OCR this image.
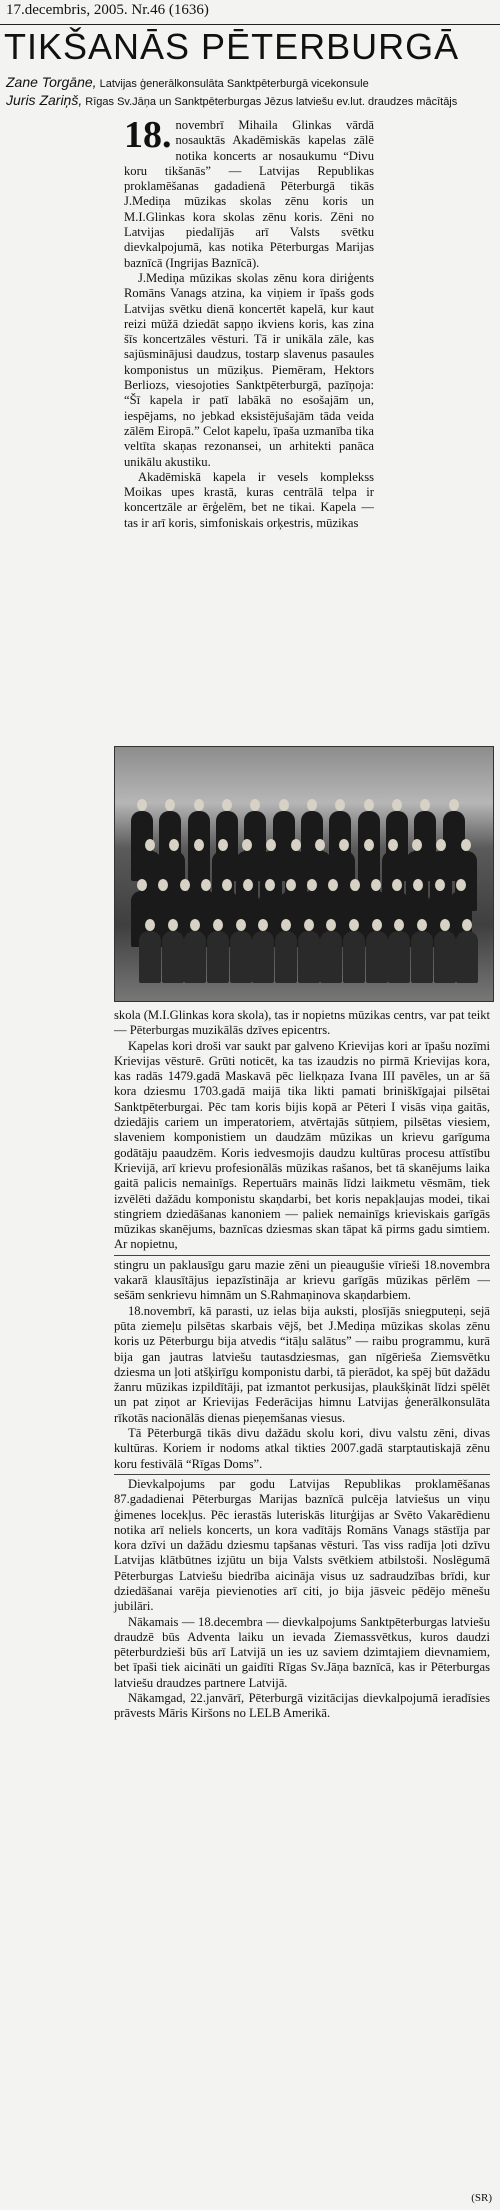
17.decembris, 2005. Nr.46 (1636)
TIKŠANĀS PĒTERBURGĀ
Zane Torgāne, Latvijas ģenerālkonsulāta Sanktpēterburgā vicekonsule
Juris Zariņš, Rīgas Sv.Jāņa un Sanktpēterburgas Jēzus latviešu ev.lut. draudzes mācītājs

18. novembrī Mihaila Glinkas vārdā nosauktās Akadēmiskās kapelas zālē notika koncerts ar nosaukumu “Divu koru tikšanās” — Latvijas Republikas proklamēšanas gadadienā Pēterburgā tikās J.Mediņa mūzikas skolas zēnu koris un M.I.Glinkas kora skolas zēnu koris. Zēni no Latvijas piedalījās arī Valsts svētku dievkalpojumā, kas notika Pēterburgas Marijas baznīcā (Ingrijas Baznīcā).

J.Mediņa mūzikas skolas zēnu kora diriģents Romāns Vanags atzina, ka viņiem ir īpašs gods Latvijas svētku dienā koncertēt kapelā, kur kaut reizi mūžā dziedāt sapņo ikviens koris, kas zina šīs koncertzāles vēsturi. Tā ir unikāla zāle, kas sajūsminājusi daudzus, tostarp slavenus pasaules komponistus un mūziķus. Piemēram, Hektors Berliozs, viesojoties Sanktpēterburgā, pazīņoja: “Šī kapela ir patī labākā no esošajām un, iespējams, no jebkad eksistējušajām tāda veida zālēm Eiropā.” Celot kapelu, īpaša uzmanība tika veltīta skaņas rezonansei, un arhitekti panāca unikālu akustiku.

Akadēmiskā kapela ir vesels komplekss Moikas upes krastā, kuras centrālā telpa ir koncertzāle ar ērģelēm, bet ne tikai. Kapela — tas ir arī koris, simfoniskais orķestris, mūzikas

skola (M.I.Glinkas kora skola), tas ir nopietns mūzikas centrs, var pat teikt — Pēterburgas muzikālās dzīves epicentrs.

Kapelas kori droši var saukt par galveno Krievijas kori ar īpašu nozīmi Krievijas vēsturē. Grūti noticēt, ka tas izaudzis no pirmā Krievijas kora, kas radās 1479.gadā Maskavā pēc lielkņaza Ivana III pavēles, un ar šā kora dziesmu 1703.gadā maijā tika likti pamati briniškīgajai pilsētai Sanktpēterburgai. Pēc tam koris bijis kopā ar Pēteri I visās viņa gaitās, dziedājis cariem un imperatoriem, atvērtajās sūtņiem, pilsētas viesiem, slaveniem komponistiem un daudzām mūzikas un krievu garīguma godātāju paaudzēm. Koris iedvesmojis daudzu kultūras procesu attīstību Krievijā, arī krievu profesionālās mūzikas rašanos, bet tā skanējums laika gaitā palicis nemainīgs. Repertuārs mainās līdzi laikmetu vēsmām, tiek izvēlēti dažādu komponistu skaņdarbi, bet koris nepakļaujas modei, tikai stingriem dziedāšanas kanoniem — paliek nemainīgs krieviskais garīgās mūzikas skanējums, baznīcas dziesmas skan tāpat kā pirms gadu simtiem. Ar nopietnu,

stingru un paklausīgu garu mazie zēni un pieaugušie vīrieši 18.novembra vakarā klausītājus iepazīstināja ar krievu garīgās mūzikas pērlēm — sešām senkrievu himnām un S.Rahmaņinova skaņdarbiem.

18.novembrī, kā parasti, uz ielas bija auksti, plosījās sniegputeņi, sejā pūta ziemeļu pilsētas skarbais vējš, bet J.Mediņa mūzikas skolas zēnu koris uz Pēterburgu bija atvedis “itāļu salātus” — raibu programmu, kurā bija gan jautras latviešu tautasdziesmas, gan nīgērieša Ziemsvētku dziesma un ļoti atšķirīgu komponistu darbi, tā pierādot, ka spēj būt dažādu žanru mūzikas izpildītāji, pat izmantot perkusijas, plaukšķināt līdzi spēlēt un pat ziņot ar Krievijas Federācijas himnu Latvijas ģenerālkonsulāta rīkotās nacionālās dienas pieņemšanas viesus.

Tā Pēterburgā tikās divu dažādu skolu kori, divu valstu zēni, divas kultūras. Koriem ir nodoms atkal tikties 2007.gadā starptautiskajā zēnu koru festivālā “Rīgas Doms”.

Dievkalpojums par godu Latvijas Republikas proklamēšanas 87.gadadienai Pēterburgas Marijas baznīcā pulcēja latviešus un viņu ģimenes locekļus. Pēc ierastās luteriskās liturģijas ar Svēto Vakarēdienu notika arī neliels koncerts, un kora vadītājs Romāns Vanags stāstīja par kora dzīvi un dažādu dziesmu tapšanas vēsturi. Tas viss radīja ļoti dzīvu Latvijas klātbūtnes izjūtu un bija Valsts svētkiem atbilstoši. Noslēgumā Pēterburgas Latviešu biedrība aicināja visus uz sadraudzības brīdi, kur dziedāšanai varēja pievienoties arī citi, jo bija jāsveic pēdējo mēnešu jubilāri.

Nākamais — 18.decembra — dievkalpojums Sanktpēterburgas latviešu draudzē būs Adventa laiku un ievada Ziemassvētkus, kuros daudzi pēterburdzieši būs arī Latvijā un ies uz saviem dzimtajiem dievnamiem, bet īpaši tiek aicināti un gaidīti Rīgas Sv.Jāņa baznīcā, kas ir Pēterburgas latviešu draudzes partnere Latvijā.

Nākamgad, 22.janvārī, Pēterburgā vizitācijas dievkalpojumā ieradīsies prāvests Māris Kiršons no LELB Amerikā.

(SR)
